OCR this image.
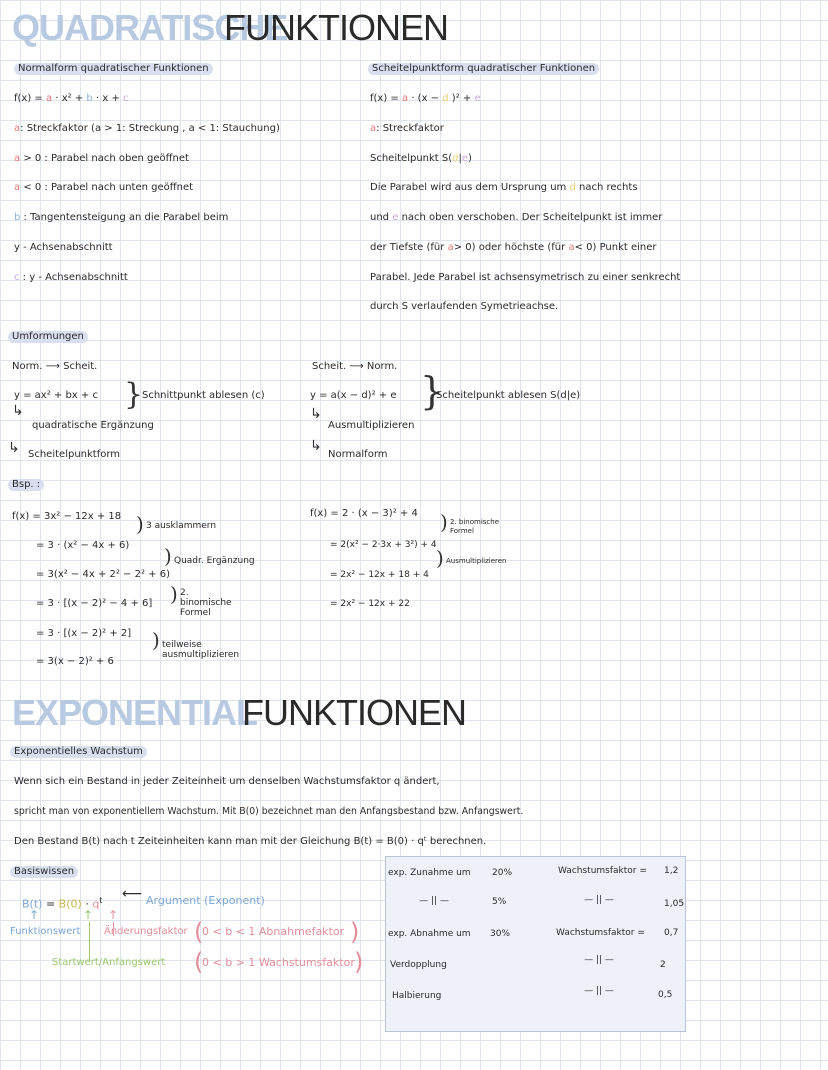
QUADRATISCHE
FUNKTIONEN
Normalform quadratischer Funktionen
f(x) = a · x² + b · x + c
a: Streckfaktor (a > 1: Streckung , a < 1: Stauchung)
a > 0 : Parabel nach oben geöffnet
a < 0 : Parabel nach unten geöffnet
b : Tangentensteigung an die Parabel beim
y - Achsenabschnitt
c : y - Achsenabschnitt
Scheitelpunktform quadratischer Funktionen
f(x) = a · (x − d )² + e
a: Streckfaktor
Scheitelpunkt S(d|e)
Die Parabel wird aus dem Ursprung um d nach rechts
und e nach oben verschoben. Der Scheitelpunkt ist immer
der Tiefste (für a> 0) oder höchste (für a< 0) Punkt einer
Parabel. Jede Parabel ist achsensymetrisch zu einer senkrecht
durch S verlaufenden Symetrieachse.
Umformungen
Norm. ⟶ Scheit.
y = ax² + bx + c }
Schnittpunkt ablesen (c)
↳
quadratische Ergänzung
↳ Scheitelpunktform
Scheit. ⟶ Norm.
y = a(x − d)² + e }
Scheitelpunkt ablesen S(d|e)
↳
Ausmultiplizieren
↳
Normalform
Bsp. :
f(x) = 3x² − 12x + 18
= 3 · (x² − 4x + 6)
= 3(x² − 4x + 2² − 2² + 6)
= 3 · [(x − 2)² − 4 + 6]
= 3 · [(x − 2)² + 2]
= 3(x − 2)² + 6
) 3 ausklammern
) Quadr. Ergänzung
) 2. binomische Formel
) teilweise ausmultiplizieren
f(x) = 2 · (x − 3)² + 4
= 2(x² − 2·3x + 3²) + 4
= 2x² − 12x + 18 + 4
= 2x² − 12x + 22
) 2. binomische Formel
) Ausmultiplizieren
EXPONENTIAL
FUNKTIONEN
Exponentielles Wachstum
Wenn sich ein Bestand in jeder Zeiteinheit um denselben Wachstumsfaktor q ändert,
spricht man von exponentiellem Wachstum. Mit B(0) bezeichnet man den Anfangsbestand bzw. Anfangswert.
Den Bestand B(t) nach t Zeiteinheiten kann man mit der Gleichung B(t) = B(0) · qᵗ berechnen.
Basiswissen
$B(t) = B(0) \cdot q^t$ ⟵ Argument (Exponent)
↑	↑ ↑
Funktionswert Änderungsfaktor (
0 < b < 1 Abnahmefaktor )
Startwert/Anfangswert (
0 < b > 1 Wachstumsfaktor )
exp. Zunahme um 20%	Wachstumsfaktor = 1,2
— || —	5%	— || —	1,05
exp. Abnahme um 30%	Wachstumsfaktor = 0,7
Verdopplung	— || —	2
Halbierung	— || —	0,5
